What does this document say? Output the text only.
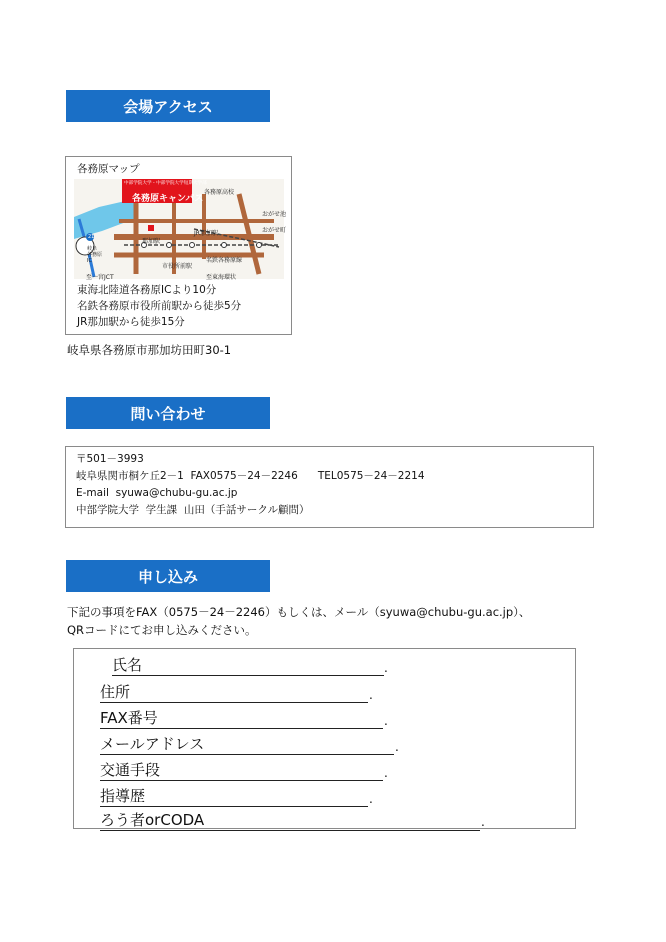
会場アクセス
各務原マップ
中部学院大学・中部学院大学短期大学部
各務原キャンパス
各務原高校
おがせ池
おがせ町
JR那加駅
那加駅
市役所前駅
岐阜
各務原
IC
21
至一宮JCT	至東海環状
名鉄各務原線
東海北陸道各務原ICより10分
名鉄各務原市役所前駅から徒歩5分
JR那加駅から徒歩15分
岐阜県各務原市那加坊田町30-1
問い合わせ
〒501－3993
岐阜県関市桐ケ丘2－1  FAX0575－24－2246      TEL0575－24－2214
E-mail  syuwa@chubu-gu.ac.jp
中部学院大学  学生課  山田（手話サークル顧問）
申し込み
下記の事項をFAX（0575－24－2246）もしくは、メール（syuwa@chubu-gu.ac.jp）、
QRコードにてお申し込みください。
氏名	.
住所	.
FAX番号	.
メールアドレス	.
交通手段	.
指導歴	.
ろう者orCODA	.
